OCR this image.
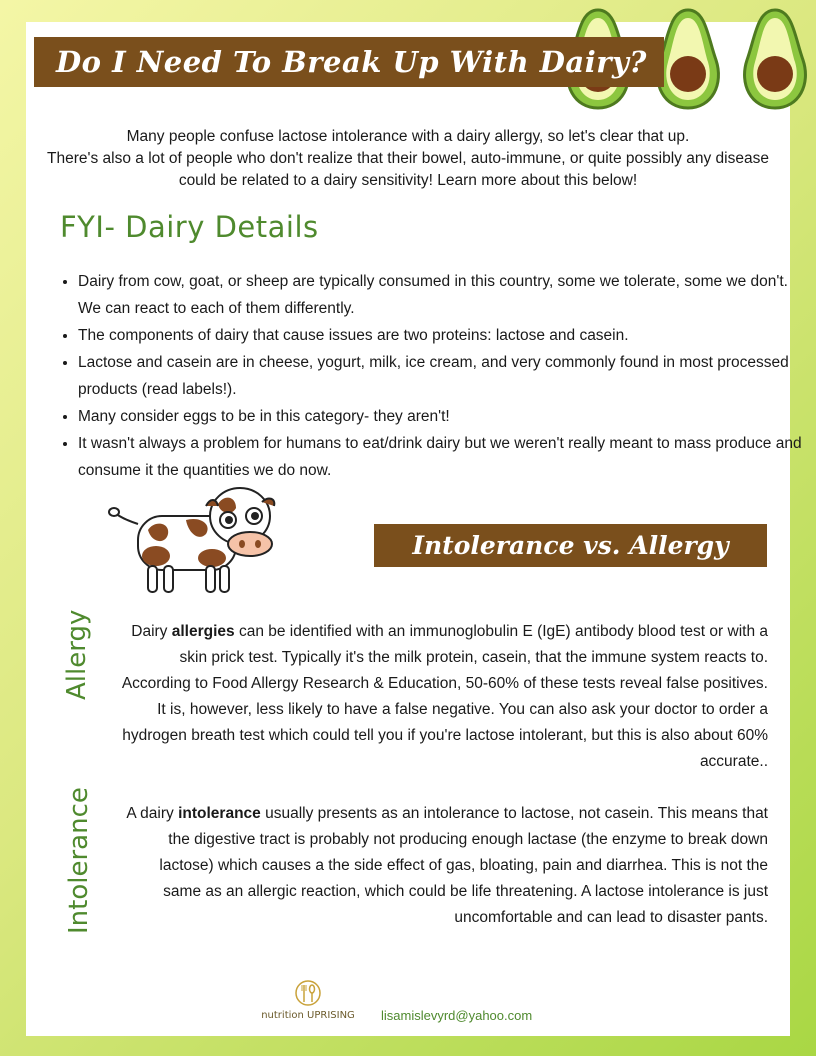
Do I Need To Break Up With Dairy?

Many people confuse lactose intolerance with a dairy allergy, so let's clear that up.

There's also a lot of people who don't realize that their bowel, auto-immune, or quite possibly any disease could be related to a dairy sensitivity! Learn more about this below!

FYI- Dairy Details
• Dairy from cow, goat, or sheep are typically consumed in this country, some we tolerate, some we don't. We can react to each of them differently.
• The components of dairy that cause issues are two proteins: lactose and casein.
• Lactose and casein are in cheese, yogurt, milk, ice cream, and very commonly found in most processed products (read labels!).
• Many consider eggs to be in this category- they aren't!
• It wasn't always a problem for humans to eat/drink dairy but we weren't really meant to mass produce and consume it the quantities we do now.
Intolerance vs. Allergy
Allergy	Dairy allergies can be identified with an immunoglobulin E (IgE) antibody blood test or with a skin prick test. Typically it's the milk protein, casein, that the immune system reacts to. According to Food Allergy Research & Education, 50-60% of these tests reveal false positives. It is, however, less likely to have a false negative. You can also ask your doctor to order a hydrogen breath test which could tell you if you're lactose intolerant, but this is also about 60% accurate..
Intolerance	A dairy intolerance usually presents as an intolerance to lactose, not casein. This means that the digestive tract is probably not producing enough lactase (the enzyme to break down lactose) which causes a the side effect of gas, bloating, pain and diarrhea. This is not the same as an allergic reaction, which could be life threatening. A lactose intolerance is just uncomfortable and can lead to disaster pants.
nutrition UPRISING	lisamislevyrd@yahoo.com
